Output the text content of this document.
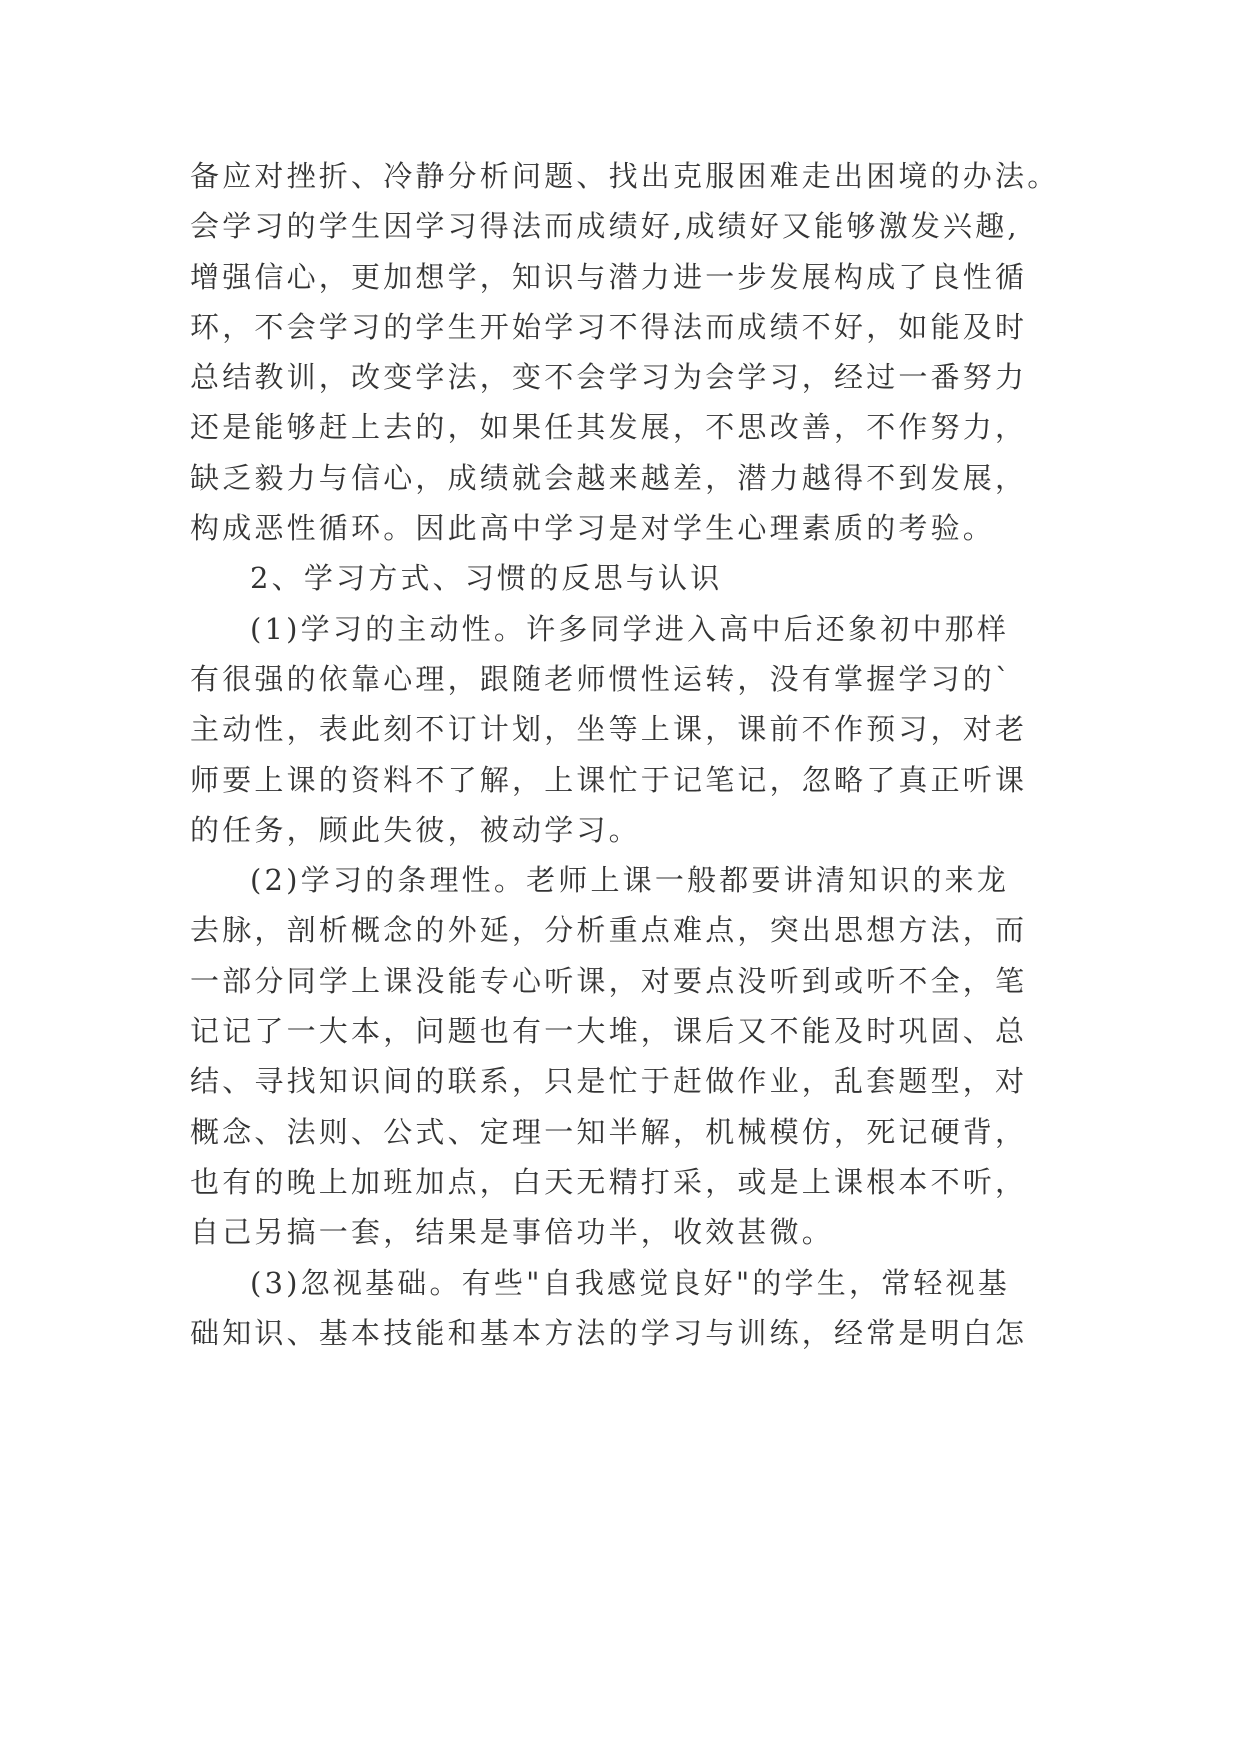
备应对挫折、冷静分析问题、找出克服困难走出困境的办法。
会学习的学生因学习得法而成绩好,成绩好又能够激发兴趣,
增强信心，更加想学，知识与潜力进一步发展构成了良性循
环，不会学习的学生开始学习不得法而成绩不好，如能及时
总结教训，改变学法，变不会学习为会学习，经过一番努力
还是能够赶上去的，如果任其发展，不思改善，不作努力，
缺乏毅力与信心，成绩就会越来越差，潜力越得不到发展，
构成恶性循环。因此高中学习是对学生心理素质的考验。
2、学习方式、习惯的反思与认识
(1)学习的主动性。许多同学进入高中后还象初中那样
有很强的依靠心理，跟随老师惯性运转，没有掌握学习的`
主动性，表此刻不订计划，坐等上课，课前不作预习，对老
师要上课的资料不了解，上课忙于记笔记，忽略了真正听课
的任务，顾此失彼，被动学习。
(2)学习的条理性。老师上课一般都要讲清知识的来龙
去脉，剖析概念的外延，分析重点难点，突出思想方法，而
一部分同学上课没能专心听课，对要点没听到或听不全，笔
记记了一大本，问题也有一大堆，课后又不能及时巩固、总
结、寻找知识间的联系，只是忙于赶做作业，乱套题型，对
概念、法则、公式、定理一知半解，机械模仿，死记硬背，
也有的晚上加班加点，白天无精打采，或是上课根本不听，
自己另搞一套，结果是事倍功半，收效甚微。
(3)忽视基础。有些"自我感觉良好"的学生，常轻视基
础知识、基本技能和基本方法的学习与训练，经常是明白怎
